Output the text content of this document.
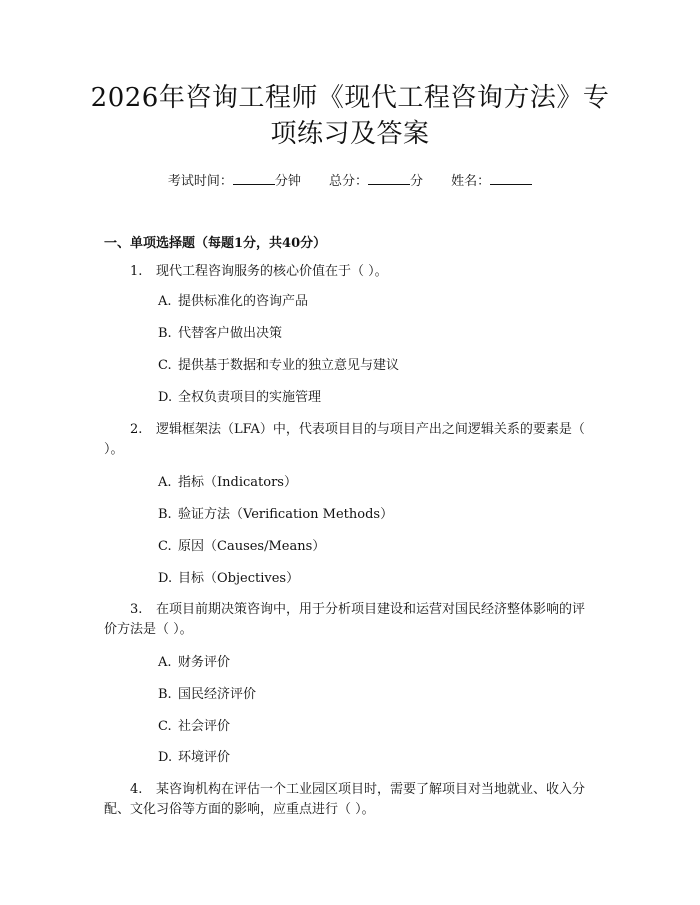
2026年咨询工程师《现代工程咨询方法》专
项练习及答案
考试时间：	分钟 总分：	分 姓名：
一、单项选择题（每题1分，共40分）
1. 现代工程咨询服务的核心价值在于（ ）。
A. 提供标准化的咨询产品
B. 代替客户做出决策
C. 提供基于数据和专业的独立意见与建议
D. 全权负责项目的实施管理
2. 逻辑框架法（LFA）中，代表项目目的与项目产出之间逻辑关系的要素是（ ）。
A. 指标（Indicators）
B. 验证方法（Verification Methods）
C. 原因（Causes/Means）
D. 目标（Objectives）
3. 在项目前期决策咨询中，用于分析项目建设和运营对国民经济整体影响的评价方法是（ ）。
A. 财务评价
B. 国民经济评价
C. 社会评价
D. 环境评价
4. 某咨询机构在评估一个工业园区项目时，需要了解项目对当地就业、收入分配、文化习俗等方面的影响，应重点进行（ ）。
